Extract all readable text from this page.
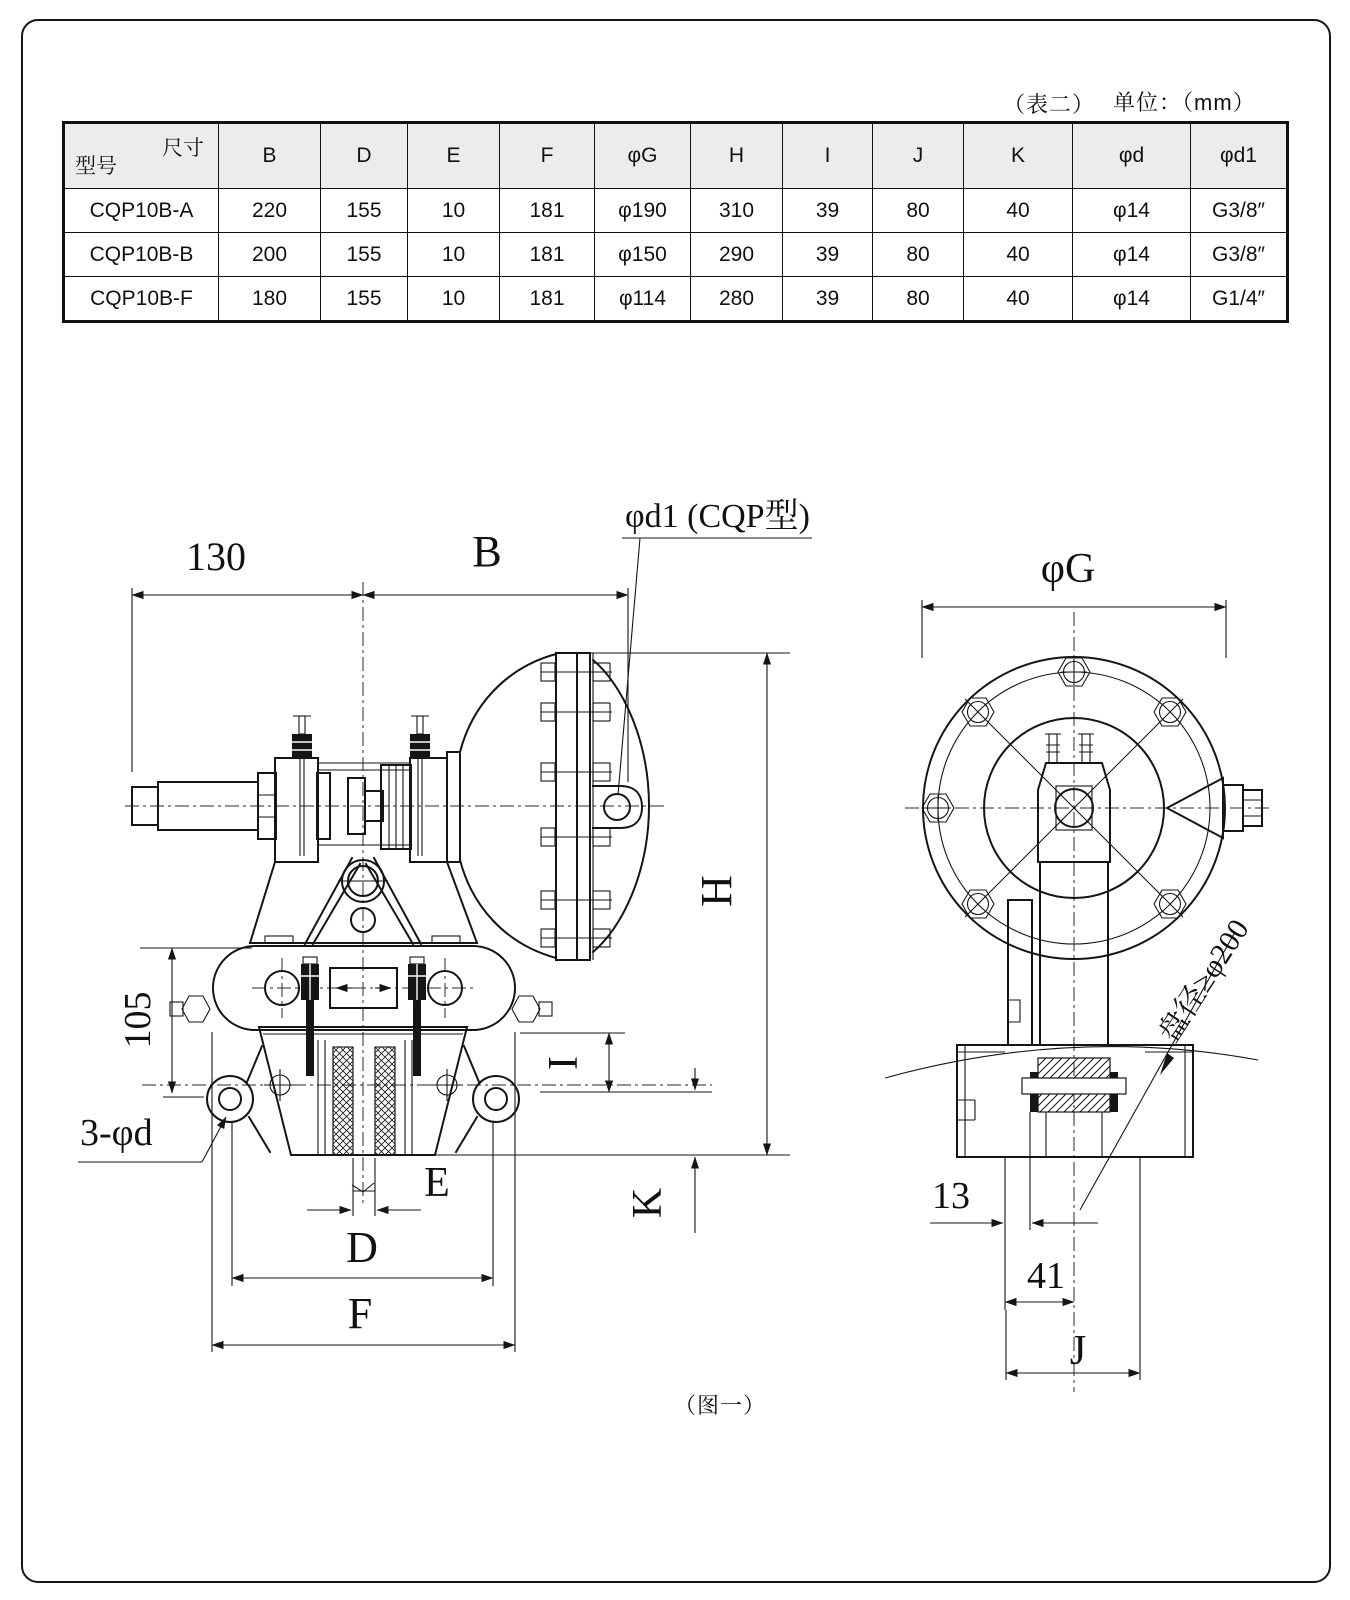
（表二） 单位：（mm）
尺寸
型号	B	D	E	F	φG	H	I	J	K	φd	φd1
CQP10B-A	220	155	10	181	φ190	310	39	80	40	φ14	G3/8″
CQP10B-B	200	155	10	181	φ150	290	39	80	40	φ14	G3/8″
CQP10B-F	180	155	10	181	φ114	280	39	80	40	φ14	G1/4″
130	B
φd1 (CQP型)
105
3-φd
I
K
H
E
D
F
φG
盘径≥φ200
13
41
J
（图一）
